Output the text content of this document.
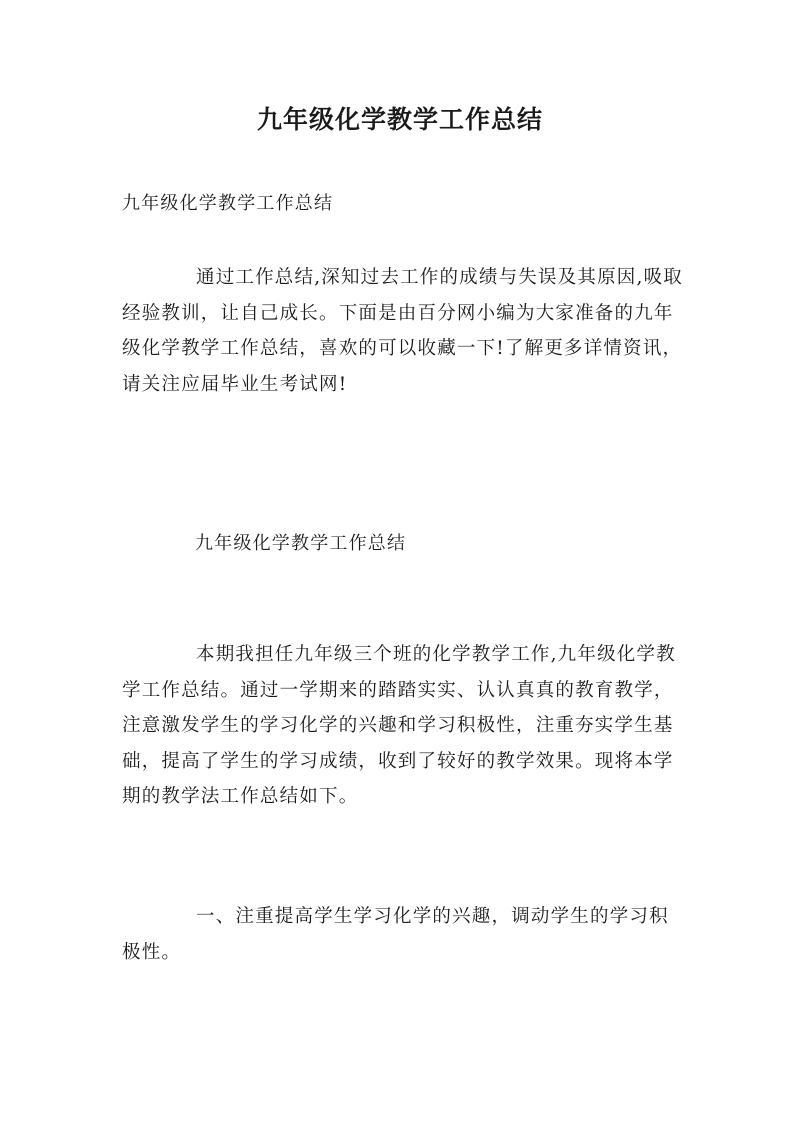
九年级化学教学工作总结

九年级化学教学工作总结

通过工作总结,深知过去工作的成绩与失误及其原因,吸取经验教训，让自己成长。下面是由百分网小编为大家准备的九年级化学教学工作总结，喜欢的可以收藏一下!了解更多详情资讯，请关注应届毕业生考试网!

九年级化学教学工作总结

本期我担任九年级三个班的化学教学工作,九年级化学教学工作总结。通过一学期来的踏踏实实、认认真真的教育教学，注意激发学生的学习化学的兴趣和学习积极性，注重夯实学生基础，提高了学生的学习成绩，收到了较好的教学效果。现将本学期的教学法工作总结如下。

一、注重提高学生学习化学的兴趣，调动学生的学习积极性。
